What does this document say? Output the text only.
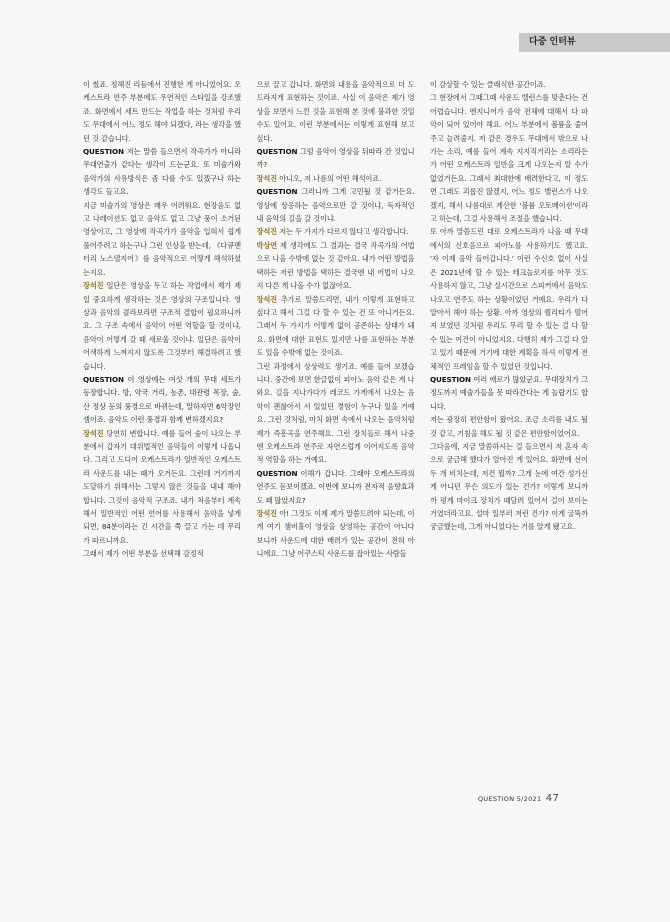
다중 인터뷰

이 썼죠. 정해진 리듬에서 진행한 게 아니었어요. 오케스트라 연주 부분에도 우연적인 스타일을 강조했죠. 화면에서 세트 만드는 작업을 하는 것처럼 우리도 무대에서 어느 정도 해야 되겠다, 라는 생각을 했던 것 같습니다.

QUESTION 저는 말씀 들으면서 작곡가가 아니라 무대연출가 같다는 생각이 드는군요. 또 미술가와 음악가의 사유방식은 좀 다를 수도 있겠구나 하는 생각도 들고요.

지금 미술가의 영상은 매우 어려워요. 현장음도 없고 나레이션도 없고 음악도 없고 그냥 풍이 소거된 영상이고, 그 영상에 작곡가가 음악을 입혀서 쉽게 풀어주려고 하는구나 그런 인상을 받는데, 《다큐멘터리 노스탤지어》를 음악적으로 어떻게 해석하셨는지요.

장석진 일단은 영상을 두고 하는 작업에서 제가 제일 중요하게 생각하는 것은 영상의 구조입니다. 영상과 음악의 콜라보라면 구조적 결합이 필요하니까요. 그 구조 속에서 음악이 어떤 역할을 할 것이냐, 음악이 어떻게 갈 때 새로울 것이냐. 일단은 음악이 어색하게 느껴지지 않도록 그것부터 해결하려고 했습니다.

QUESTION 이 영상에는 여섯 개의 무대 세트가 등장합니다. 방, 약국 거리, 농촌, 대관령 목장, 숲, 산 정상 등의 풍경으로 바뀌는데, 말하자면 6악장인 셈이죠. 음악도 이런 풍경과 함께 변하겠지요?

장석진 당연히 변합니다. 예를 들어 숲이 나오는 부분에서 갑자기 대위법적인 음악들이 이렇게 나옵니다. 그리고 드디어 오케스트라가 일반적인 오케스트라 사운드를 내는 때가 오거든요. 그런데 거기까지 도달하기 위해서는 그렇지 않은 것들을 내내 해야 합니다. 그것이 음악적 구조죠. 내가 처음부터 계속해서 일반적인 어떤 언어를 사용해서 음악을 넣게 되면, 84분이라는 긴 시간을 쭉 끌고 가는 데 무리가 따르니까요.

그래서 제가 어떤 부분을 선택해 감정적

으로 끌고 갑니다. 화면의 내용을 음악적으로 더 도드라지게 표현하는 것이죠. 사실 이 음악은 제가 영상을 보면서 느낀 것을 표현해 본 것에 불과한 것일 수도 있어요. 이런 부분에서는 이렇게 표현해 보고 싶다.

QUESTION 그럼 음악이 영상을 뒤따라 간 것입니까?

장석진 아니오, 저 나름의 어떤 해석이죠.

QUESTION 그러니까 그게 고민될 것 같거든요. 영상에 상응하는 음악으로만 갈 것이냐, 독자적인 내 음악의 길을 갈 것이냐.

장석진 저는 두 가지가 다르지 않다고 생각합니다.

박상연 제 생각에도 그 결과는 결국 작곡가의 어법으로 나올 수밖에 없는 것 같아요. 내가 어떤 방법을 택하든 저런 방법을 택하든 결국엔 내 어법이 나오지 다른 게 나올 수가 없잖아요.

장석진 추가로 말씀드리면, 내가 이렇게 표현하고 싶다고 해서 그걸 다 할 수 있는 건 또 아니거든요. 그래서 두 가지가 어떻게 없이 공존하는 상태가 돼요. 화면에 대한 표현도 있지만 나를 표현하는 부분도 있을 수밖에 없는 것이죠.

그런 과정에서 상상력도 생기죠. 예를 들어 보겠습니다. 중간에 보면 한글없이 피아노 음악 같은 게 나와요. 길을 지나가다가 레코드 가게에서 나오는 음악이 괜찮아서 서 있었던 경험이 누구나 있을 거예요. 그런 것처럼, 마치 화면 속에서 나오는 음악처럼 제가 즉흥곡을 연주해요. 그런 장치들로 해서 나중엔 오케스트라 연주로 자연스럽게 이어지도록 음악적 역할을 하는 거예요.

QUESTION 이해가 갑니다. 그래야 오케스트라의 연주도 돋보이겠죠. 이번에 보니까 전자적 음향효과도 꽤 많았지요?

장석진 아! 그것도 이제 제가 말씀드려야 되는데, 이게 여기 챔버홀이 영상을 상영하는 공간이 아니다 보니까 사운드에 대한 배려가 있는 공간이 전혀 아니에요. 그냥 어쿠스틱 사운드를 잡아있는 사람들

이 감상할 수 있는 클래식한 공간이죠.

그 현장에서 그때그때 사운드 밸런스를 맞춘다는 건 어렵습니다. 엔지니어가 음악 전체에 대해서 다 파악이 되어 있어야 해요. 어느 부분에서 볼륨을 줄여주고 늘려줄지. 저 같은 경우도 무대에서 밖으로 나가는 소리, 예를 들어 계속 지지직거리는 소리라든가 어떤 오케스트라 일반을 크게 나오는지 알 수가 없었거든요. 그래서 최대한에 배려한다고, 이 정도면 그래도 괴롭진 않겠지, 어느 정도 밸런스가 나오겠지, 해서 나름대로 계산한 '볼륨 오토메이션'이라고 하는데, 그걸 사용해서 조절을 했습니다.

또 아까 말씀드린 대로 오케스트라가 나올 때 무대에서의 신호음으로 피아노를 사용하기도 했고요. '자 이제 음악 들어갑니다.' 이런 수신호 없이 사실은 2021년에 할 수 있는 테크놀로지를 아무 것도 사용하지 않고, 그냥 실시간으로 스피커에서 음악도 나오고 연주도 하는 상황이었던 거예요. 우리가 다 알아서 해야 하는 상황. 아까 영상의 퀄리티가 떨어져 보였던 것처럼 우리도 무리 할 수 있는 걸 다 할 수 있는 여건이 아니었지요. 다행히 제가 그걸 다 알고 있기 때문에 거기에 대한 계획을 하셔 이렇게 전체적인 프레임을 할 수 있었던 것입니다.

QUESTION 여러 애로가 많았군요. 무대장치가 그 정도까지 예술가들을 못 따라간다는 게 놀랍기도 합니다.

저는 광장히 편안함이 왔어요. 조금 소리를 내도 될 것 같고, 기침을 해도 될 것 같은 편안함이었어요.

그다음에, 지금 말씀하시는 걸 들으면서 저 혼자 속으로 궁금해 했다가 알아진 게 있어요. 화면에 선이 두 개 비치는데, 저건 뭘까? 그게 눈에 여간 성가신 게 아니던 무슨 의도가 있는 건가? 이렇게 보니까 까 평계 마이크 장치가 때달려 있어서 걸이 보이는 거였더라고요. 설마 일부러 저런 건가? 이게 굴뚝까 궁금했는데, 그게 아니었다는 거를 알게 됐고요.

QUESTION 5/2021 47
